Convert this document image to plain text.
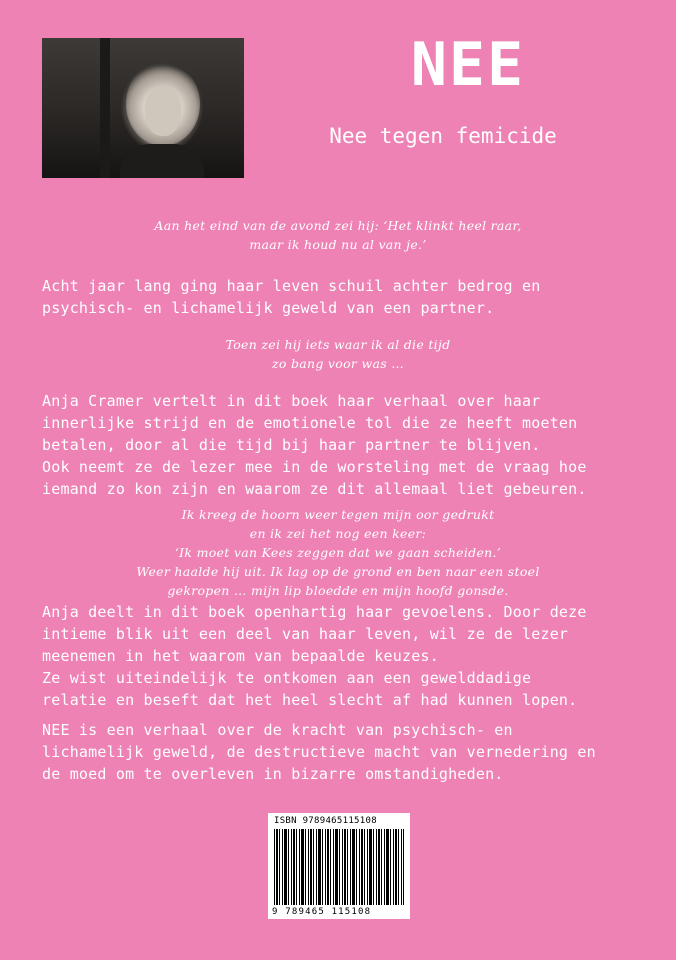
NEE
Nee tegen femicide
Aan het eind van de avond zei hij: ‘Het klinkt heel raar,
maar ik houd nu al van je.’
Acht jaar lang ging haar leven schuil achter bedrog en
psychisch- en lichamelijk geweld van een partner.
Toen zei hij iets waar ik al die tijd
zo bang voor was …
Anja Cramer vertelt in dit boek haar verhaal over haar
innerlijke strijd en de emotionele tol die ze heeft moeten
betalen, door al die tijd bij haar partner te blijven.
Ook neemt ze de lezer mee in de worsteling met de vraag hoe
iemand zo kon zijn en waarom ze dit allemaal liet gebeuren.
Ik kreeg de hoorn weer tegen mijn oor gedrukt
en ik zei het nog een keer:
‘Ik moet van Kees zeggen dat we gaan scheiden.’
Weer haalde hij uit. Ik lag op de grond en ben naar een stoel
gekropen … mijn lip bloedde en mijn hoofd gonsde.
Anja deelt in dit boek openhartig haar gevoelens. Door deze
intieme blik uit een deel van haar leven, wil ze de lezer
meenemen in het waarom van bepaalde keuzes.
Ze wist uiteindelijk te ontkomen aan een gewelddadige
relatie en beseft dat het heel slecht af had kunnen lopen.
NEE is een verhaal over de kracht van psychisch- en
lichamelijk geweld, de destructieve macht van vernedering en
de moed om te overleven in bizarre omstandigheden.
ISBN 9789465115108
9 789465 115108
